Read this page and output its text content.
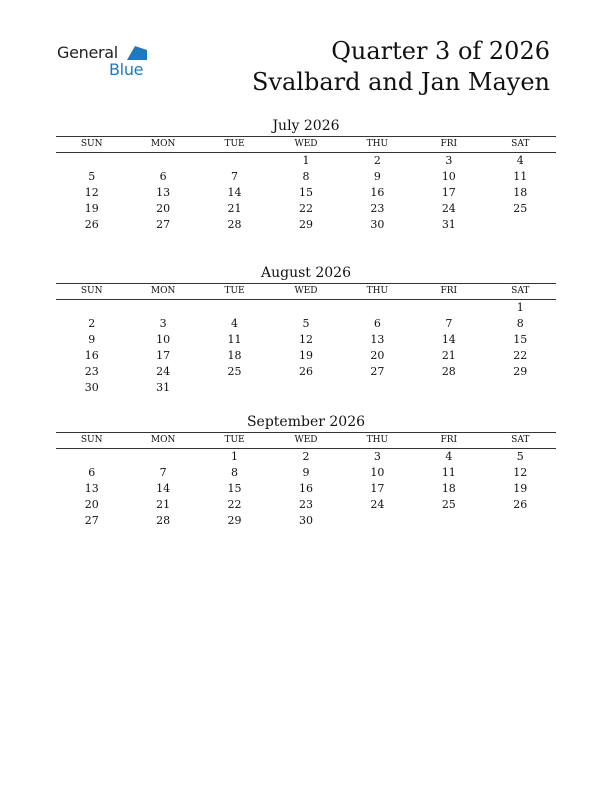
General
Blue
Quarter 3 of 2026
Svalbard and Jan Mayen
July 2026
SUN	MON	TUE	WED	THU	FRI	SAT
			1	2	3	4
5	6	7	8	9	10	11
12	13	14	15	16	17	18
19	20	21	22	23	24	25
26	27	28	29	30	31	
August 2026
SUN	MON	TUE	WED	THU	FRI	SAT
						1
2	3	4	5	6	7	8
9	10	11	12	13	14	15
16	17	18	19	20	21	22
23	24	25	26	27	28	29
30	31					
September 2026
SUN	MON	TUE	WED	THU	FRI	SAT
		1	2	3	4	5
6	7	8	9	10	11	12
13	14	15	16	17	18	19
20	21	22	23	24	25	26
27	28	29	30			
